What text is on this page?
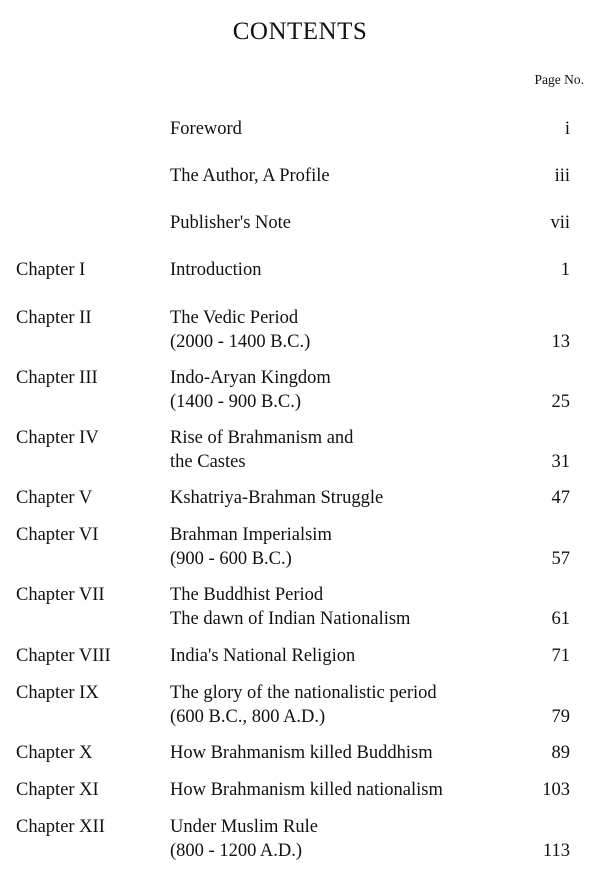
CONTENTS
Page No.
Foreword	i
The Author, A Profile	iii
Publisher's Note	vii
Chapter I	Introduction	1
Chapter II	The Vedic Period
(2000 - 1400 B.C.)	13
Chapter III	Indo-Aryan Kingdom
(1400 - 900 B.C.)	25
Chapter IV	Rise of Brahmanism and
the Castes	31
Chapter V	Kshatriya-Brahman Struggle	47
Chapter VI	Brahman Imperialsim
(900 - 600 B.C.)	57
Chapter VII	The Buddhist Period
The dawn of Indian Nationalism	61
Chapter VIII	India's National Religion	71
Chapter IX	The glory of the nationalistic period
(600 B.C., 800 A.D.)	79
Chapter X	How Brahmanism killed Buddhism	89
Chapter XI	How Brahmanism killed nationalism	103
Chapter XII	Under Muslim Rule
(800 - 1200 A.D.)	113
